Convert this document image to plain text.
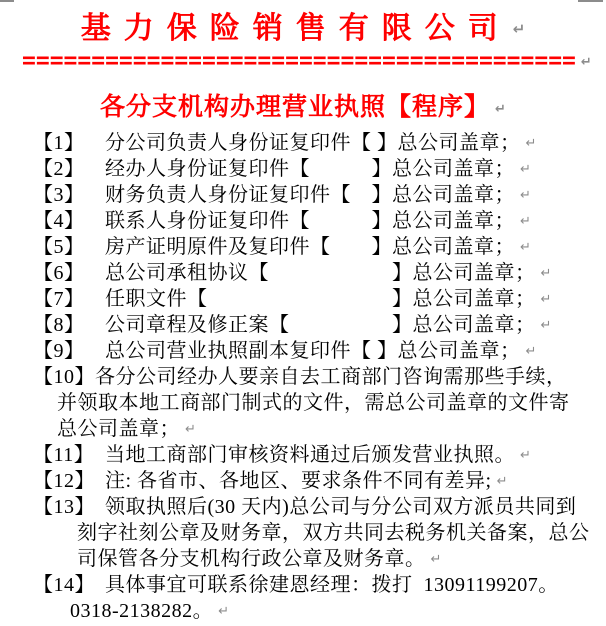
基力保险销售有限公司 ↵
======================================== ↵
各分支机构办理营业执照【程序】 ↵
【1】 分公司负责人身份证复印件【 】总公司盖章； ↵
【2】 经办人身份证复印件【　　　】总公司盖章； ↵
【3】 财务负责人身份证复印件【　】总公司盖章； ↵
【4】 联系人身份证复印件【　　　】总公司盖章； ↵
【5】 房产证明原件及复印件【　　】总公司盖章； ↵
【6】 总公司承租协议【　　　　　　】总公司盖章； ↵
【7】 任职文件【　　　　　　　　　】总公司盖章； ↵
【8】 公司章程及修正案【　　　　　】总公司盖章； ↵
【9】 总公司营业执照副本复印件【 】总公司盖章； ↵
【10】各分公司经办人要亲自去工商部门咨询需那些手续，
并领取本地工商部门制式的文件，需总公司盖章的文件寄
总公司盖章； ↵
【11】 当地工商部门审核资料通过后颁发营业执照。 ↵
【12】 注: 各省市、各地区、要求条件不同有差异; ↵
【13】 领取执照后(30 天内)总公司与分公司双方派员共同到
刻字社刻公章及财务章，双方共同去税务机关备案，总公
司保管各分支机构行政公章及财务章。 ↵
【14】 具体事宜可联系徐建恩经理：拨打  13091199207。
0318-2138282。 ↵
